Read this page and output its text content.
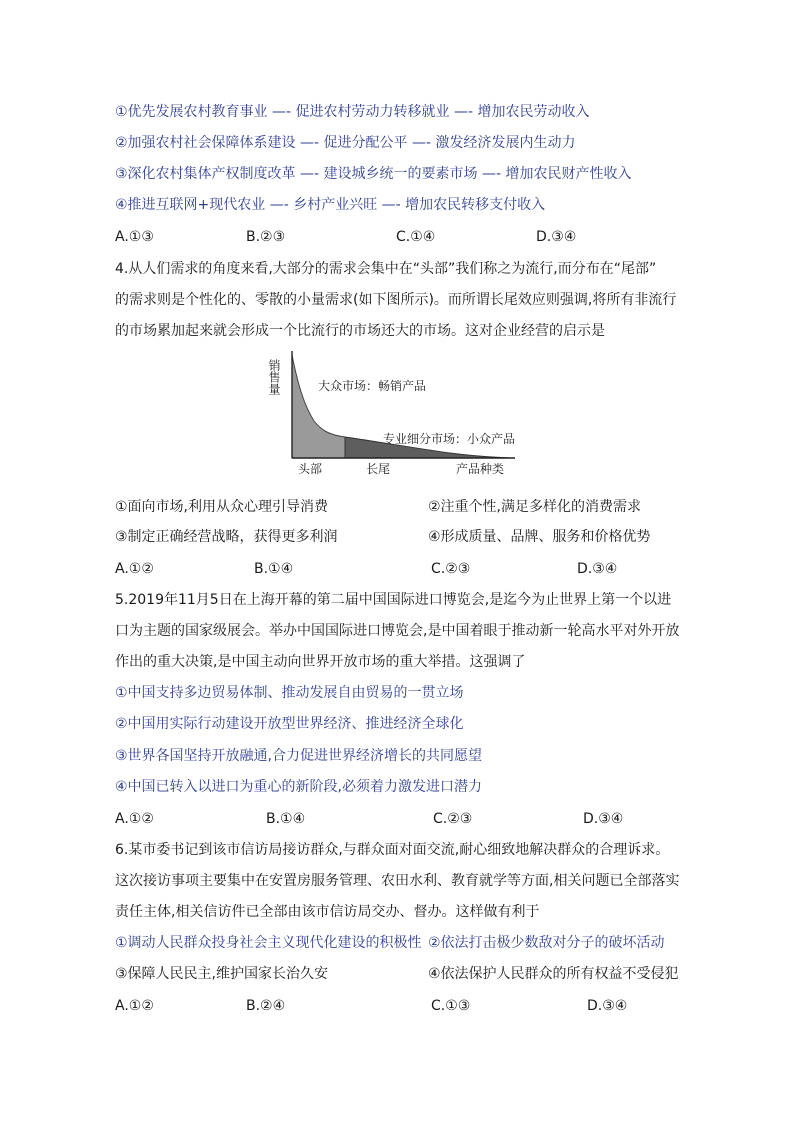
①优先发展农村教育事业 —- 促进农村劳动力转移就业 —- 增加农民劳动收入
②加强农村社会保障体系建设 —- 促进分配公平 —- 激发经济发展内生动力
③深化农村集体产权制度改革 —- 建设城乡统一的要素市场 —- 增加农民财产性收入
④推进互联网+现代农业 —- 乡村产业兴旺 —- 增加农民转移支付收入
A.①③	B.②③	C.①④	D.③④
4.从人们需求的角度来看,大部分的需求会集中在“头部”我们称之为流行,而分布在“尾部”
的需求则是个性化的、零散的小量需求(如下图所示)。而所谓长尾效应则强调,将所有非流行
的市场累加起来就会形成一个比流行的市场还大的市场。这对企业经营的启示是
销售量	大众市场：畅销产品
专业细分市场：小众产品
头部	长尾	产品种类
①面向市场,利用从众心理引导消费	②注重个性,满足多样化的消费需求
③制定正确经营战略，获得更多利润	④形成质量、品牌、服务和价格优势
A.①②	B.①④	C.②③	D.③④
5.2019年11月5日在上海开幕的第二届中国国际进口博览会,是迄今为止世界上第一个以进
口为主题的国家级展会。举办中国国际进口博览会,是中国着眼于推动新一轮高水平对外开放
作出的重大决策,是中国主动向世界开放市场的重大举措。这强调了
①中国支持多边贸易体制、推动发展自由贸易的一贯立场
②中国用实际行动建设开放型世界经济、推进经济全球化
③世界各国坚持开放融通,合力促进世界经济增长的共同愿望
④中国已转入以进口为重心的新阶段,必须着力激发进口潜力
A.①②	B.①④	C.②③	D.③④
6.某市委书记到该市信访局接访群众,与群众面对面交流,耐心细致地解决群众的合理诉求。
这次接访事项主要集中在安置房服务管理、农田水利、教育就学等方面,相关问题已全部落实
责任主体,相关信访件已全部由该市信访局交办、督办。这样做有利于
①调动人民群众投身社会主义现代化建设的积极性 ②依法打击极少数敌对分子的破坏活动
③保障人民民主,维护国家长治久安	④依法保护人民群众的所有权益不受侵犯
A.①②	B.②④	C.①③	D.③④
